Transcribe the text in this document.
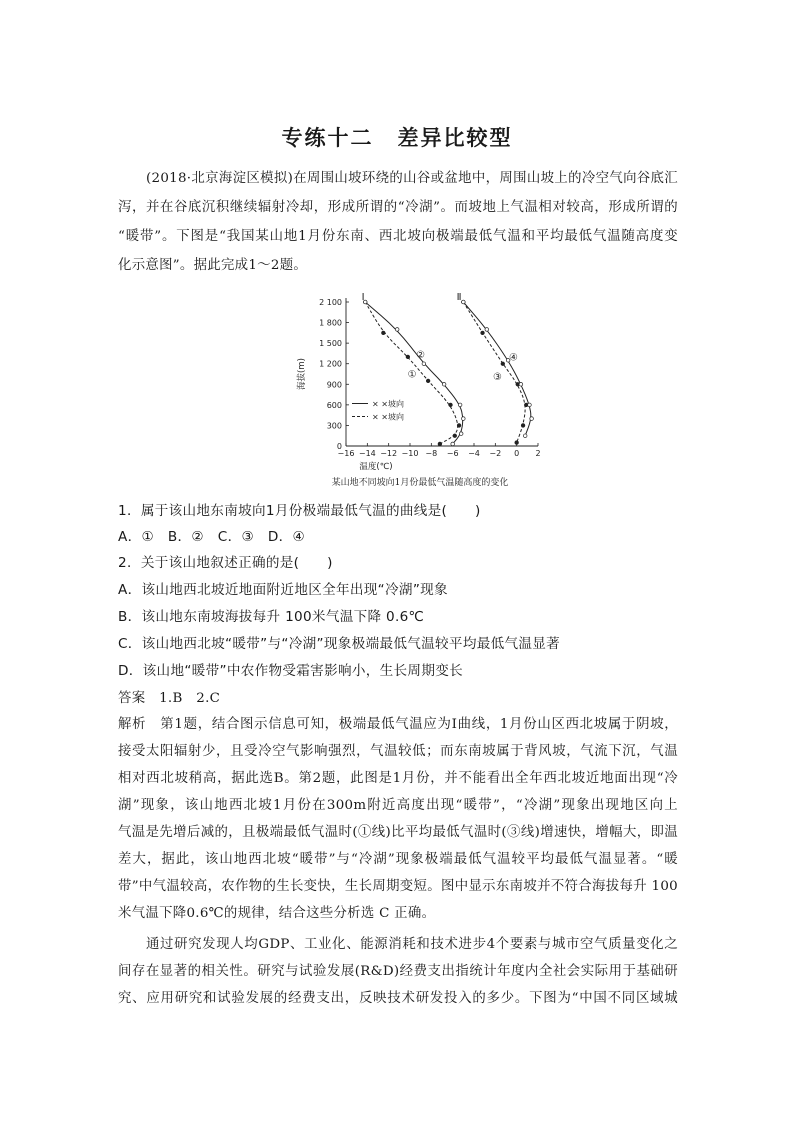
专练十二 差异比较型
(2018·北京海淀区模拟)在周围山坡环绕的山谷或盆地中，周围山坡上的冷空气向谷底汇
泻，并在谷底沉积继续辐射冷却，形成所谓的“冷湖”。而坡地上气温相对较高，形成所谓的
“暖带”。下图是“我国某山地1月份东南、西北坡向极端最低气温和平均最低气温随高度变
化示意图”。据此完成1～2题。
−16 −14 −12 −10 −8 −6 −4 −2 0 2
0
300
600
900
1 200
1 500
1 800
2 100
温度(℃)
海拔(m)	①
②
③
④
Ⅰ	Ⅱ
× ×坡向
× ×坡向
某山地不同坡向1月份最低气温随高度的变化
1．属于该山地东南坡向1月份极端最低气温的曲线是(　　)
A．①　B．②　C．③　D．④
2．关于该山地叙述正确的是(　　)
A．该山地西北坡近地面附近地区全年出现“冷湖”现象
B．该山地东南坡海拔每升 100米气温下降 0.6℃
C．该山地西北坡“暖带”与“冷湖”现象极端最低气温较平均最低气温显著
D．该山地“暖带”中农作物受霜害影响小，生长周期变长
答案　1.B　2.C
解析　第1题，结合图示信息可知，极端最低气温应为Ⅰ曲线，1月份山区西北坡属于阴坡，
接受太阳辐射少，且受冷空气影响强烈，气温较低；而东南坡属于背风坡，气流下沉，气温
相对西北坡稍高，据此选B。第2题，此图是1月份，并不能看出全年西北坡近地面出现“冷
湖”现象，该山地西北坡1月份在300m附近高度出现“暖带”，“冷湖”现象出现地区向上
气温是先增后减的，且极端最低气温时(①线)比平均最低气温时(③线)增速快，增幅大，即温
差大，据此，该山地西北坡“暖带”与“冷湖”现象极端最低气温较平均最低气温显著。“暖
带”中气温较高，农作物的生长变快，生长周期变短。图中显示东南坡并不符合海拔每升 100
米气温下降0.6℃的规律，结合这些分析选 C 正确。
通过研究发现人均GDP、工业化、能源消耗和技术进步4个要素与城市空气质量变化之
间存在显著的相关性。研究与试验发展(R&D)经费支出指统计年度内全社会实际用于基础研
究、应用研究和试验发展的经费支出，反映技术研发投入的多少。下图为“中国不同区域城
